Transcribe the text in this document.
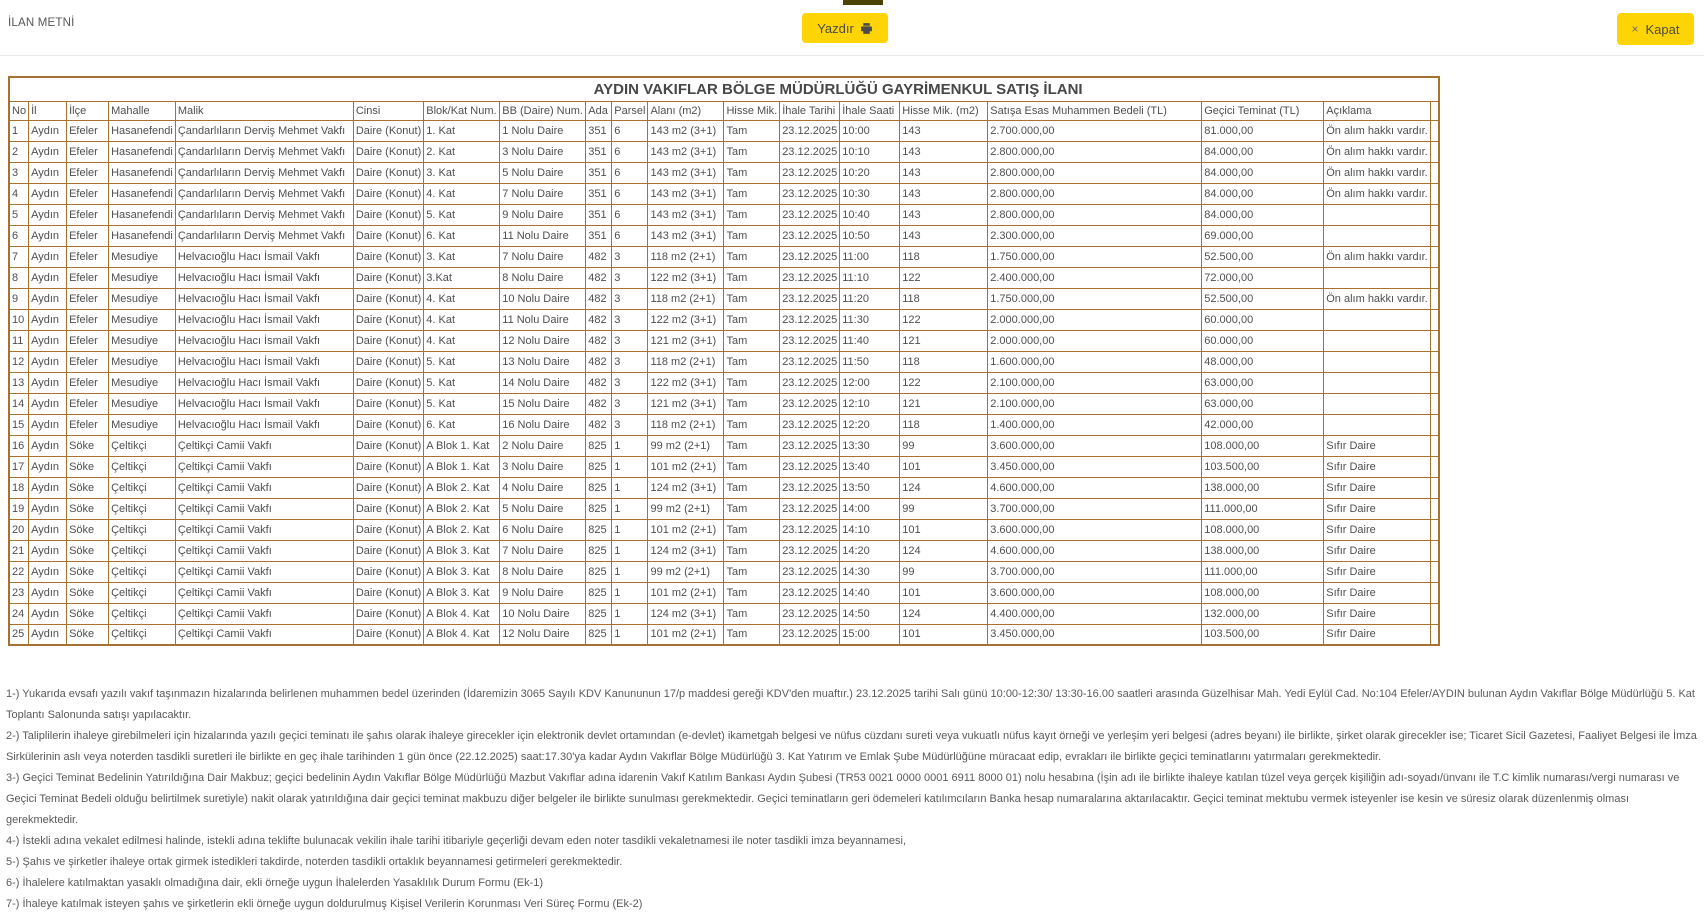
İLAN METNİ	Yazdır	× Kapat
AYDIN VAKIFLAR BÖLGE MÜDÜRLÜĞÜ GAYRİMENKUL SATIŞ İLANI																		
No	İl	İlçe	Mahalle	Malik	Cinsi	Blok/Kat Num.	BB (Daire) Num.	Ada	Parsel	Alanı (m2)	Hisse Mik.	İhale Tarihi	İhale Saati	Hisse Mik. (m2)	Satışa Esas Muhammen Bedeli (TL)	Geçici Teminat (TL)	Açıklama	
1	Aydın	Efeler	Hasanefendi	Çandarlıların Derviş Mehmet Vakfı	Daire (Konut)	1. Kat	1 Nolu Daire	351	6	143 m2 (3+1)	Tam	23.12.2025	10:00	143	2.700.000,00	81.000,00	Ön alım hakkı vardır.	
2	Aydın	Efeler	Hasanefendi	Çandarlıların Derviş Mehmet Vakfı	Daire (Konut)	2. Kat	3 Nolu Daire	351	6	143 m2 (3+1)	Tam	23.12.2025	10:10	143	2.800.000,00	84.000,00	Ön alım hakkı vardır.	
3	Aydın	Efeler	Hasanefendi	Çandarlıların Derviş Mehmet Vakfı	Daire (Konut)	3. Kat	5 Nolu Daire	351	6	143 m2 (3+1)	Tam	23.12.2025	10:20	143	2.800.000,00	84.000,00	Ön alım hakkı vardır.	
4	Aydın	Efeler	Hasanefendi	Çandarlıların Derviş Mehmet Vakfı	Daire (Konut)	4. Kat	7 Nolu Daire	351	6	143 m2 (3+1)	Tam	23.12.2025	10:30	143	2.800.000,00	84.000,00	Ön alım hakkı vardır.	
5	Aydın	Efeler	Hasanefendi	Çandarlıların Derviş Mehmet Vakfı	Daire (Konut)	5. Kat	9 Nolu Daire	351	6	143 m2 (3+1)	Tam	23.12.2025	10:40	143	2.800.000,00	84.000,00		
6	Aydın	Efeler	Hasanefendi	Çandarlıların Derviş Mehmet Vakfı	Daire (Konut)	6. Kat	11 Nolu Daire	351	6	143 m2 (3+1)	Tam	23.12.2025	10:50	143	2.300.000,00	69.000,00		
7	Aydın	Efeler	Mesudiye	Helvacıoğlu Hacı İsmail Vakfı	Daire (Konut)	3. Kat	7 Nolu Daire	482	3	118 m2 (2+1)	Tam	23.12.2025	11:00	118	1.750.000,00	52.500,00	Ön alım hakkı vardır.	
8	Aydın	Efeler	Mesudiye	Helvacıoğlu Hacı İsmail Vakfı	Daire (Konut)	3.Kat	8 Nolu Daire	482	3	122 m2 (3+1)	Tam	23.12.2025	11:10	122	2.400.000,00	72.000,00		
9	Aydın	Efeler	Mesudiye	Helvacıoğlu Hacı İsmail Vakfı	Daire (Konut)	4. Kat	10 Nolu Daire	482	3	118 m2 (2+1)	Tam	23.12.2025	11:20	118	1.750.000,00	52.500,00	Ön alım hakkı vardır.	
10	Aydın	Efeler	Mesudiye	Helvacıoğlu Hacı İsmail Vakfı	Daire (Konut)	4. Kat	11 Nolu Daire	482	3	122 m2 (3+1)	Tam	23.12.2025	11:30	122	2.000.000,00	60.000,00		
11	Aydın	Efeler	Mesudiye	Helvacıoğlu Hacı İsmail Vakfı	Daire (Konut)	4. Kat	12 Nolu Daire	482	3	121 m2 (3+1)	Tam	23.12.2025	11:40	121	2.000.000,00	60.000,00		
12	Aydın	Efeler	Mesudiye	Helvacıoğlu Hacı İsmail Vakfı	Daire (Konut)	5. Kat	13 Nolu Daire	482	3	118 m2 (2+1)	Tam	23.12.2025	11:50	118	1.600.000,00	48.000,00		
13	Aydın	Efeler	Mesudiye	Helvacıoğlu Hacı İsmail Vakfı	Daire (Konut)	5. Kat	14 Nolu Daire	482	3	122 m2 (3+1)	Tam	23.12.2025	12:00	122	2.100.000,00	63.000,00		
14	Aydın	Efeler	Mesudiye	Helvacıoğlu Hacı İsmail Vakfı	Daire (Konut)	5. Kat	15 Nolu Daire	482	3	121 m2 (3+1)	Tam	23.12.2025	12:10	121	2.100.000,00	63.000,00		
15	Aydın	Efeler	Mesudiye	Helvacıoğlu Hacı İsmail Vakfı	Daire (Konut)	6. Kat	16 Nolu Daire	482	3	118 m2 (2+1)	Tam	23.12.2025	12:20	118	1.400.000,00	42.000,00		
16	Aydın	Söke	Çeltikçi	Çeltikçi Camii Vakfı	Daire (Konut)	A Blok 1. Kat	2 Nolu Daire	825	1	99 m2 (2+1)	Tam	23.12.2025	13:30	99	3.600.000,00	108.000,00	Sıfır Daire	
17	Aydın	Söke	Çeltikçi	Çeltikçi Camii Vakfı	Daire (Konut)	A Blok 1. Kat	3 Nolu Daire	825	1	101 m2 (2+1)	Tam	23.12.2025	13:40	101	3.450.000,00	103.500,00	Sıfır Daire	
18	Aydın	Söke	Çeltikçi	Çeltikçi Camii Vakfı	Daire (Konut)	A Blok 2. Kat	4 Nolu Daire	825	1	124 m2 (3+1)	Tam	23.12.2025	13:50	124	4.600.000,00	138.000,00	Sıfır Daire	
19	Aydın	Söke	Çeltikçi	Çeltikçi Camii Vakfı	Daire (Konut)	A Blok 2. Kat	5 Nolu Daire	825	1	99 m2 (2+1)	Tam	23.12.2025	14:00	99	3.700.000,00	111.000,00	Sıfır Daire	
20	Aydın	Söke	Çeltikçi	Çeltikçi Camii Vakfı	Daire (Konut)	A Blok 2. Kat	6 Nolu Daire	825	1	101 m2 (2+1)	Tam	23.12.2025	14:10	101	3.600.000,00	108.000,00	Sıfır Daire	
21	Aydın	Söke	Çeltikçi	Çeltikçi Camii Vakfı	Daire (Konut)	A Blok 3. Kat	7 Nolu Daire	825	1	124 m2 (3+1)	Tam	23.12.2025	14:20	124	4.600.000,00	138.000,00	Sıfır Daire	
22	Aydın	Söke	Çeltikçi	Çeltikçi Camii Vakfı	Daire (Konut)	A Blok 3. Kat	8 Nolu Daire	825	1	99 m2 (2+1)	Tam	23.12.2025	14:30	99	3.700.000,00	111.000,00	Sıfır Daire	
23	Aydın	Söke	Çeltikçi	Çeltikçi Camii Vakfı	Daire (Konut)	A Blok 3. Kat	9 Nolu Daire	825	1	101 m2 (2+1)	Tam	23.12.2025	14:40	101	3.600.000,00	108.000,00	Sıfır Daire	
24	Aydın	Söke	Çeltikçi	Çeltikçi Camii Vakfı	Daire (Konut)	A Blok 4. Kat	10 Nolu Daire	825	1	124 m2 (3+1)	Tam	23.12.2025	14:50	124	4.400.000,00	132.000,00	Sıfır Daire	
25	Aydın	Söke	Çeltikçi	Çeltikçi Camii Vakfı	Daire (Konut)	A Blok 4. Kat	12 Nolu Daire	825	1	101 m2 (2+1)	Tam	23.12.2025	15:00	101	3.450.000,00	103.500,00	Sıfır Daire	
1-) Yukarıda evsafı yazılı vakıf taşınmazın hizalarında belirlenen muhammen bedel üzerinden (İdaremizin 3065 Sayılı KDV Kanununun 17/p maddesi gereği KDV'den muaftır.) 23.12.2025 tarihi Salı günü 10:00-12:30/ 13:30-16.00 saatleri arasında Güzelhisar Mah. Yedi Eylül Cad. No:104 Efeler/AYDIN bulunan Aydın Vakıflar Bölge Müdürlüğü 5. Kat Toplantı Salonunda satışı yapılacaktır.
2-) Taliplilerin ihaleye girebilmeleri için hizalarında yazılı geçici teminatı ile şahıs olarak ihaleye girecekler için elektronik devlet ortamından (e-devlet) ikametgah belgesi ve nüfus cüzdanı sureti veya vukuatlı nüfus kayıt örneği ve yerleşim yeri belgesi (adres beyanı) ile birlikte, şirket olarak girecekler ise; Ticaret Sicil Gazetesi, Faaliyet Belgesi ile İmza Sirkülerinin aslı veya noterden tasdikli suretleri ile birlikte en geç ihale tarihinden 1 gün önce (22.12.2025) saat:17.30'ya kadar Aydın Vakıflar Bölge Müdürlüğü 3. Kat Yatırım ve Emlak Şube Müdürlüğüne müracaat edip, evrakları ile birlikte geçici teminatlarını yatırmaları gerekmektedir.
3-) Geçici Teminat Bedelinin Yatırıldığına Dair Makbuz; geçici bedelinin Aydın Vakıflar Bölge Müdürlüğü Mazbut Vakıflar adına idarenin Vakıf Katılım Bankası Aydın Şubesi (TR53 0021 0000 0001 6911 8000 01) nolu hesabına (İşin adı ile birlikte ihaleye katılan tüzel veya gerçek kişiliğin adı-soyadı/ünvanı ile T.C kimlik numarası/vergi numarası ve Geçici Teminat Bedeli olduğu belirtilmek suretiyle) nakit olarak yatırıldığına dair geçici teminat makbuzu diğer belgeler ile birlikte sunulması gerekmektedir. Geçici teminatların geri ödemeleri katılımcıların Banka hesap numaralarına aktarılacaktır. Geçici teminat mektubu vermek isteyenler ise kesin ve süresiz olarak düzenlenmiş olması gerekmektedir.
4-) İstekli adına vekalet edilmesi halinde, istekli adına teklifte bulunacak vekilin ihale tarihi itibariyle geçerliği devam eden noter tasdikli vekaletnamesi ile noter tasdikli imza beyannamesi,
5-) Şahıs ve şirketler ihaleye ortak girmek istedikleri takdirde, noterden tasdikli ortaklık beyannamesi getirmeleri gerekmektedir.
6-) İhalelere katılmaktan yasaklı olmadığına dair, ekli örneğe uygun İhalelerden Yasaklılık Durum Formu (Ek-1)
7-) İhaleye katılmak isteyen şahıs ve şirketlerin ekli örneğe uygun doldurulmuş Kişisel Verilerin Korunması Veri Süreç Formu (Ek-2)
